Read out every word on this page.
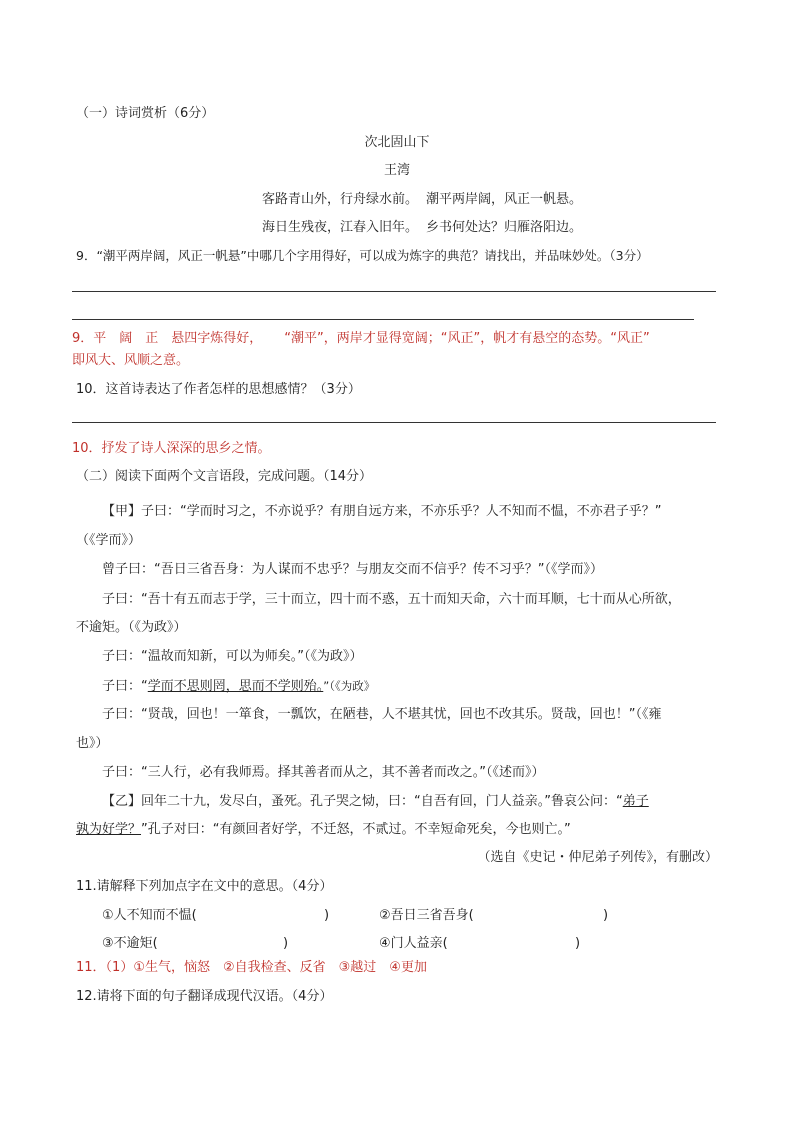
（一）诗词赏析（6分）
次北固山下
王湾
客路青山外，行舟绿水前。 潮平两岸阔，风正一帆悬。
海日生残夜，江春入旧年。 乡书何处达？归雁洛阳边。
9．“潮平两岸阔，风正一帆悬”中哪几个字用得好，可以成为炼字的典范？请找出，并品味妙处。（3分）
9．平　阔　正　悬四字炼得好， “潮平”，两岸才显得宽阔；“风正”，帆才有悬空的态势。“风正”
即风大、风顺之意。
10．这首诗表达了作者怎样的思想感情？（3分）
10．抒发了诗人深深的思乡之情。
（二）阅读下面两个文言语段，完成问题。（14分）
【甲】子曰：“学而时习之，不亦说乎？有朋自远方来，不亦乐乎？人不知而不愠，不亦君子乎？”
（《学而》）
曾子曰：“吾日三省吾身：为人谋而不忠乎？与朋友交而不信乎？传不习乎？”（《学而》）
子曰：“吾十有五而志于学，三十而立，四十而不惑，五十而知天命，六十而耳顺，七十而从心所欲，
不逾矩。（《为政》）
子曰：“温故而知新，可以为师矣。”（《为政》）
子曰：“学而不思则罔，思而不学则殆。”（《为政》
子曰：“贤哉，回也！一箪食，一瓢饮，在陋巷，人不堪其忧，回也不改其乐。贤哉，回也！”（《雍
也》）
子曰：“三人行，必有我师焉。择其善者而从之，其不善者而改之。”（《述而》）
【乙】回年二十九，发尽白，蚤死。孔子哭之恸，曰：“自吾有回，门人益亲。”鲁哀公问：“弟子
孰为好学？”孔子对曰：“有颜回者好学，不迁怒，不贰过。不幸短命死矣，今也则亡。”
（选自《史记・仲尼弟子列传》，有删改）
11.请解释下列加点字在文中的意思。（4分）
①人不知而不愠(	)	②吾日三省吾身(	)
③不逾矩(	)	④门人益亲(	)
11．（1）①生气，恼怒　②自我检查、反省　③越过　④更加
12.请将下面的句子翻译成现代汉语。（4分）
